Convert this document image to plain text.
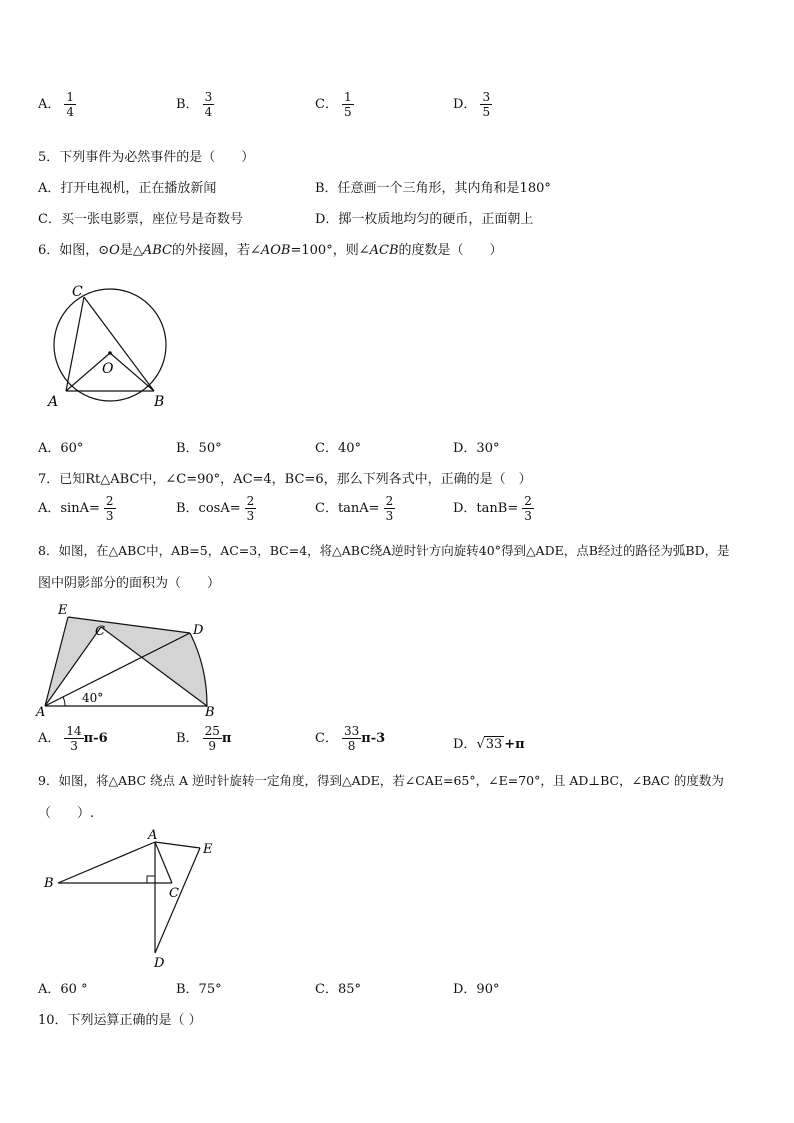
A． $\frac{1}{4}$	B． $\frac{3}{4}$	C． $\frac{1}{5}$	D． $\frac{3}{5}$
5．下列事件为必然事件的是（　　）
A．打开电视机，正在播放新闻	B．任意画一个三角形，其内角和是180°
C．买一张电影票，座位号是奇数号	D．掷一枚质地均匀的硬币，正面朝上
6．如图，⊙O是△ABC的外接圆，若∠AOB=100°，则∠ACB的度数是（　　）
C
O
A	B
A．60°	B．50°	C．40°	D．30°
7．已知Rt△ABC中，∠C=90°，AC=4，BC=6，那么下列各式中，正确的是（　）
A．$\sin A= \frac{2}{3}$	B．$\cos A= \frac{2}{3}$	C．$\tan A= \frac{2}{3}$	D．$\tan B= \frac{2}{3}$
8．如图，在△ABC中，AB=5，AC=3，BC=4，将△ABC绕A逆时针方向旋转40°得到△ADE，点B经过的路径为弧BD，是
图中阴影部分的面积为（　　）
E
C	D
A	B
40°
A． $\frac{14}{3} \pi-6$	B． $\frac{25}{9}$ π	C． $\frac{33}{8} \pi-3$	D．√33 +π
9．如图，将△ABC 绕点 A 逆时针旋转一定角度，得到△ADE，若∠CAE=65°，∠E=70°，且 AD⊥BC，∠BAC 的度数为
（　　）.
A
E
B
C
D
A．60 °	B．75°	C．85°	D．90°
10．下列运算正确的是（ ）
